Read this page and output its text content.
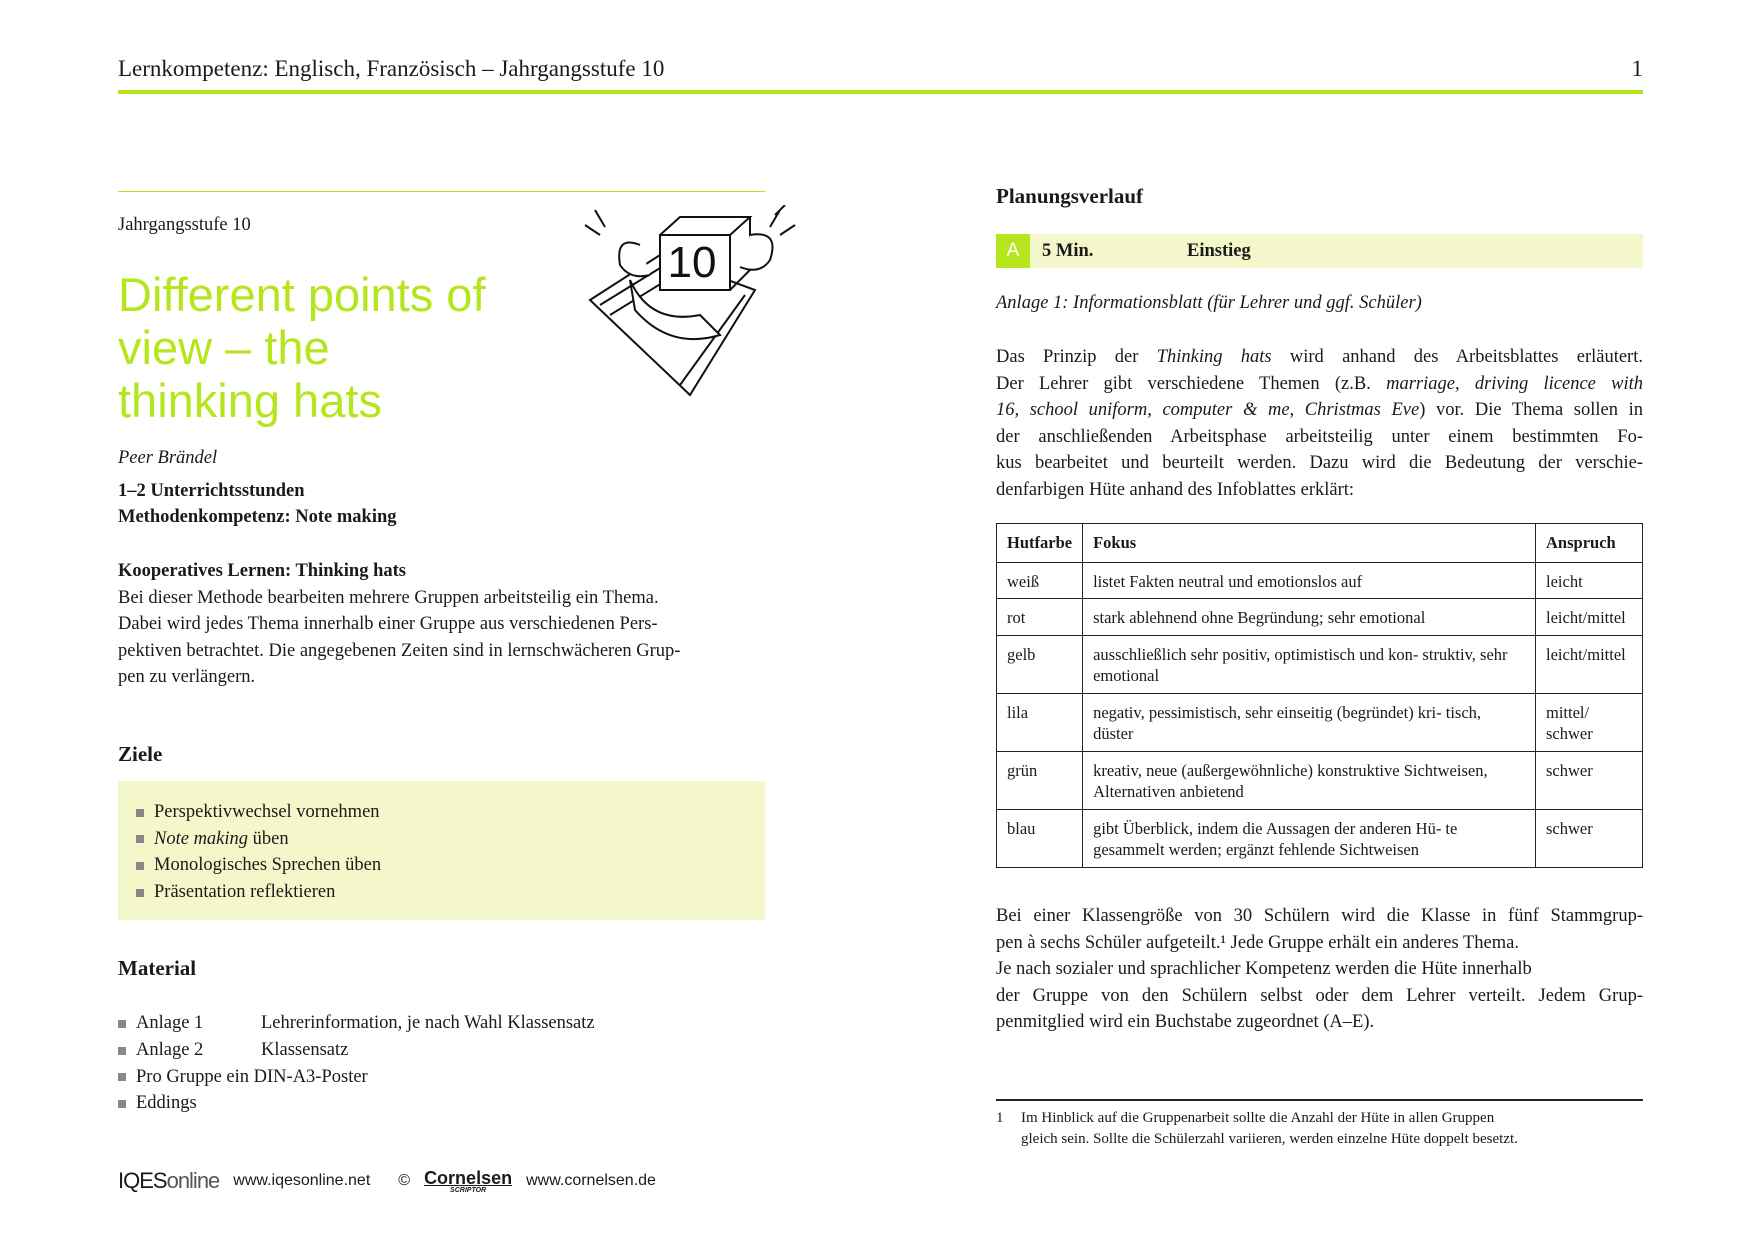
Lernkompetenz: Englisch, Französisch – Jahrgangsstufe 10	1
Jahrgangsstufe 10
Different points of
view – the
thinking hats
10
Peer Brändel
1–2 Unterrichtsstunden
Methodenkompetenz: Note making
Kooperatives Lernen: Thinking hats
Bei dieser Methode bearbeiten mehrere Gruppen arbeitsteilig ein Thema.
Dabei wird jedes Thema innerhalb einer Gruppe aus verschiedenen Pers-
pektiven betrachtet. Die angegebenen Zeiten sind in lernschwächeren Grup-
pen zu verlängern.
Ziele
Perspektivwechsel vornehmen
Note making üben
Monologisches Sprechen üben
Präsentation reflektieren
Material
Anlage 1	Lehrerinformation, je nach Wahl Klassensatz
Anlage 2	Klassensatz
Pro Gruppe ein DIN-A3-Poster
Eddings
IQESonline www.iqesonline.net © Cornelsen
SCRIPTOR
www.cornelsen.de
Planungsverlauf
A	5 Min.	Einstieg
Anlage 1: Informationsblatt (für Lehrer und ggf. Schüler)
Das Prinzip der Thinking hats wird anhand des Arbeitsblattes erläutert.
Der Lehrer gibt verschiedene Themen (z.B. marriage, driving licence with
16, school uniform, computer & me, Christmas Eve) vor. Die Thema sollen in
der anschließenden Arbeitsphase arbeitsteilig unter einem bestimmten Fo-
kus bearbeitet und beurteilt werden. Dazu wird die Bedeutung der verschie-
denfarbigen Hüte anhand des Infoblattes erklärt:
Hutfarbe	Fokus	Anspruch
weiß	listet Fakten neutral und emotionslos auf	leicht
rot	stark ablehnend ohne Begründung; sehr emotional	leicht/mittel
gelb	ausschließlich sehr positiv, optimistisch und kon- struktiv, sehr emotional	leicht/mittel
lila	negativ, pessimistisch, sehr einseitig (begründet) kri- tisch, düster	mittel/ schwer
grün	kreativ, neue (außergewöhnliche) konstruktive Sichtweisen, Alternativen anbietend	schwer
blau	gibt Überblick, indem die Aussagen der anderen Hü- te gesammelt werden; ergänzt fehlende Sichtweisen	schwer
Bei einer Klassengröße von 30 Schülern wird die Klasse in fünf Stammgrup-
pen à sechs Schüler aufgeteilt.¹ Jede Gruppe erhält ein anderes Thema.
Je nach sozialer und sprachlicher Kompetenz werden die Hüte innerhalb
der Gruppe von den Schülern selbst oder dem Lehrer verteilt. Jedem Grup-
penmitglied wird ein Buchstabe zugeordnet (A–E).
1 Im Hinblick auf die Gruppenarbeit sollte die Anzahl der Hüte in allen Gruppen
gleich sein. Sollte die Schülerzahl variieren, werden einzelne Hüte doppelt besetzt.
